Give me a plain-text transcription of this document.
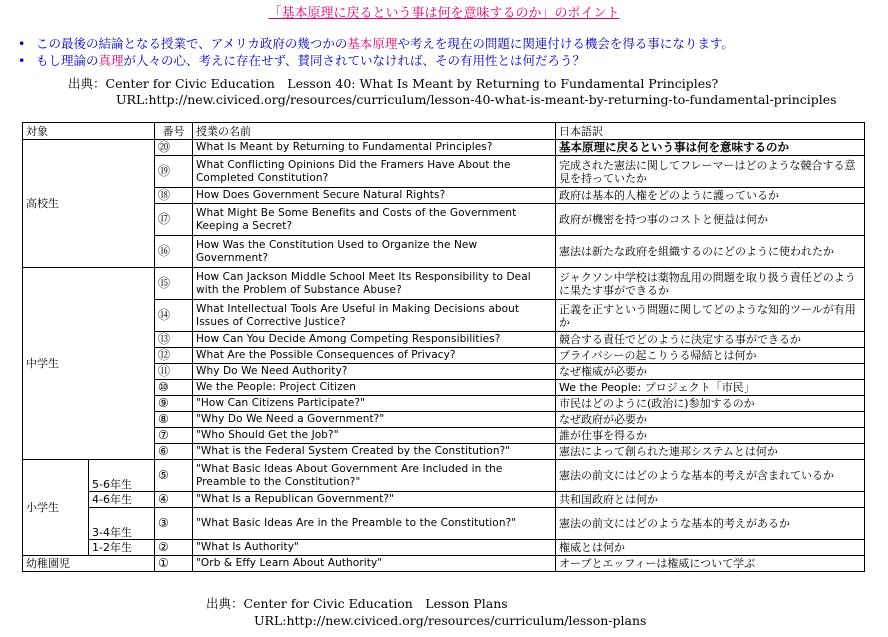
「基本原理に戻るという事は何を意味するのか」のポイント
• この最後の結論となる授業で、アメリカ政府の幾つかの基本原理や考えを現在の問題に関連付ける機会を得る事になります。
• もし理論の真理が人々の心、考えに存在せず、賛同されていなければ、その有用性とは何だろう？
出典：Center for Civic Education　Lesson 40: What Is Meant by Returning to Fundamental Principles?
URL:http://new.civiced.org/resources/curriculum/lesson-40-what-is-meant-by-returning-to-fundamental-principles
対象		番号	授業の名前	日本語訳
高校生		⑳	What Is Meant by Returning to Fundamental Principles?	基本原理に戻るという事は何を意味するのか
		⑲	What Conflicting Opinions Did the Framers Have About the Completed Constitution?	完成された憲法に関してフレーマーはどのような競合する意見を持っていたか
		⑱	How Does Government Secure Natural Rights?	政府は基本的人権をどのように護っているか
		⑰	What Might Be Some Benefits and Costs of the Government Keeping a Secret?	政府が機密を持つ事のコストと便益は何か
		⑯	How Was the Constitution Used to Organize the New Government?	憲法は新たな政府を組織するのにどのように使われたか
中学生		⑮	How Can Jackson Middle School Meet Its Responsibility to Deal with the Problem of Substance Abuse?	ジャクソン中学校は薬物乱用の問題を取り扱う責任どのように果たす事ができるか
		⑭	What Intellectual Tools Are Useful in Making Decisions about Issues of Corrective Justice?	正義を正すという問題に関してどのような知的ツールが有用か
		⑬	How Can You Decide Among Competing Responsibilities?	競合する責任でどのように決定する事ができるか
		⑫	What Are the Possible Consequences of Privacy?	プライバシーの起こりうる帰結とは何か
		⑪	Why Do We Need Authority?	なぜ権威が必要か
		⑩	We the People: Project Citizen	We the People: プロジェクト「市民」
		⑨	"How Can Citizens Participate?"	市民はどのように(政治に)参加するのか
		⑧	"Why Do We Need a Government?"	なぜ政府が必要か
		⑦	"Who Should Get the Job?"	誰が仕事を得るか
		⑥	"What is the Federal System Created by the Constitution?"	憲法によって創られた連邦システムとは何か
小学生	5-6年生	⑤	"What Basic Ideas About Government Are Included in the Preamble to the Constitution?"	憲法の前文にはどのような基本的考えが含まれているか
	4-6年生	④	"What Is a Republican Government?"	共和国政府とは何か
	3-4年生	③	"What Basic Ideas Are in the Preamble to the Constitution?"	憲法の前文にはどのような基本的考えがあるか
	1-2年生	②	"What Is Authority"	権威とは何か
幼稚園児		①	"Orb & Effy Learn About Authority"	オーブとエッフィーは権威について学ぶ
出典：Center for Civic Education　Lesson Plans
URL:http://new.civiced.org/resources/curriculum/lesson-plans
